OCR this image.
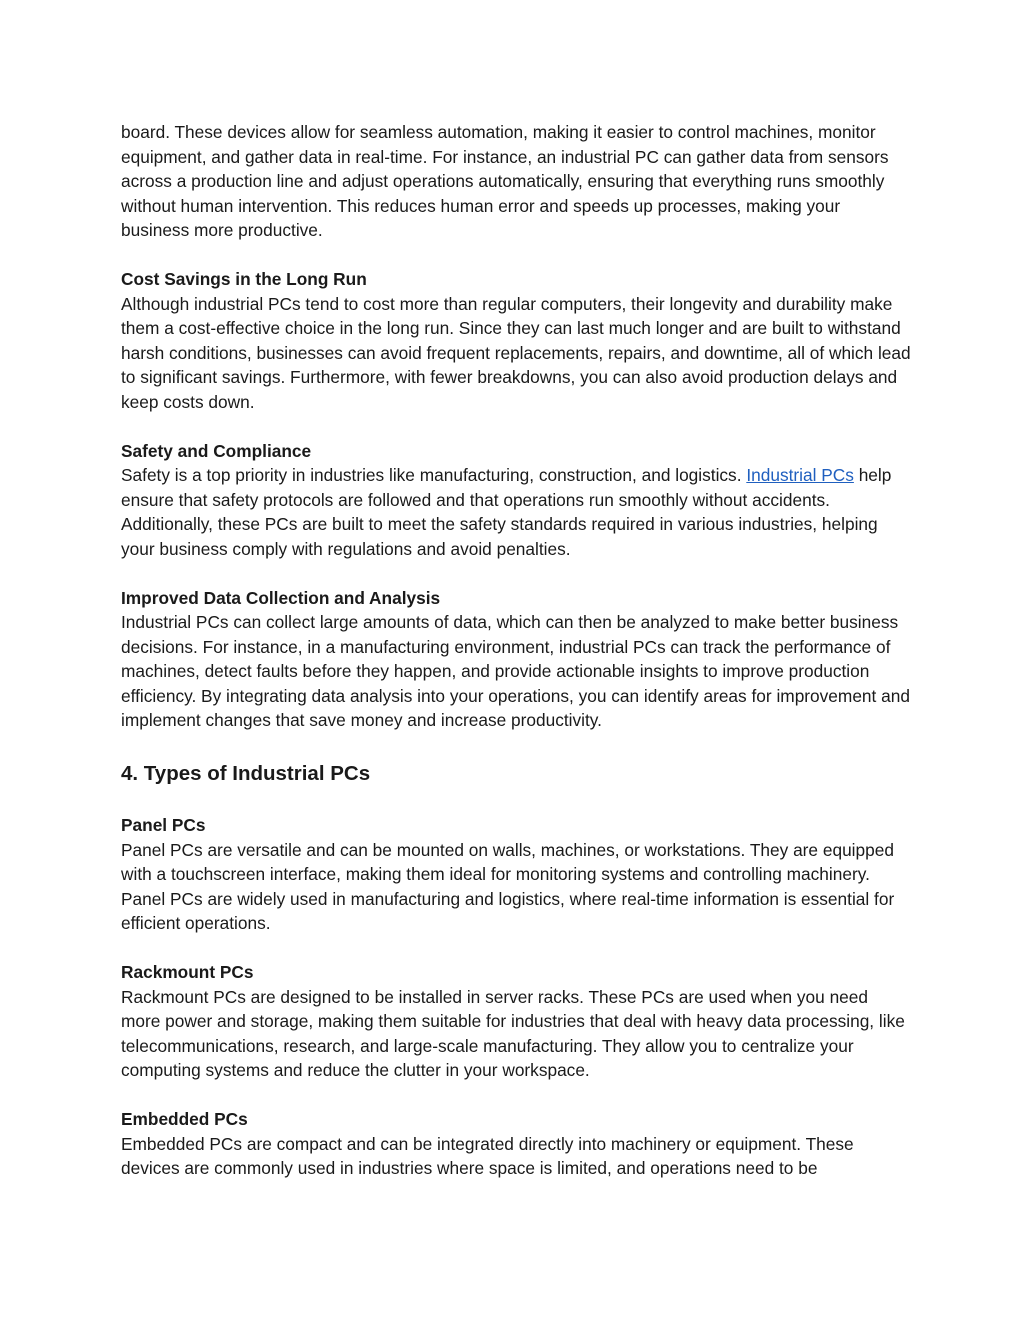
board. These devices allow for seamless automation, making it easier to control machines, monitor equipment, and gather data in real-time. For instance, an industrial PC can gather data from sensors across a production line and adjust operations automatically, ensuring that everything runs smoothly without human intervention. This reduces human error and speeds up processes, making your business more productive.

Cost Savings in the Long Run

Although industrial PCs tend to cost more than regular computers, their longevity and durability make them a cost-effective choice in the long run. Since they can last much longer and are built to withstand harsh conditions, businesses can avoid frequent replacements, repairs, and downtime, all of which lead to significant savings. Furthermore, with fewer breakdowns, you can also avoid production delays and keep costs down.

Safety and Compliance

Safety is a top priority in industries like manufacturing, construction, and logistics. Industrial PCs help ensure that safety protocols are followed and that operations run smoothly without accidents. Additionally, these PCs are built to meet the safety standards required in various industries, helping your business comply with regulations and avoid penalties.

Improved Data Collection and Analysis

Industrial PCs can collect large amounts of data, which can then be analyzed to make better business decisions. For instance, in a manufacturing environment, industrial PCs can track the performance of machines, detect faults before they happen, and provide actionable insights to improve production efficiency. By integrating data analysis into your operations, you can identify areas for improvement and implement changes that save money and increase productivity.

4. Types of Industrial PCs

Panel PCs

Panel PCs are versatile and can be mounted on walls, machines, or workstations. They are equipped with a touchscreen interface, making them ideal for monitoring systems and controlling machinery. Panel PCs are widely used in manufacturing and logistics, where real-time information is essential for efficient operations.

Rackmount PCs

Rackmount PCs are designed to be installed in server racks. These PCs are used when you need more power and storage, making them suitable for industries that deal with heavy data processing, like telecommunications, research, and large-scale manufacturing. They allow you to centralize your computing systems and reduce the clutter in your workspace.

Embedded PCs

Embedded PCs are compact and can be integrated directly into machinery or equipment. These devices are commonly used in industries where space is limited, and operations need to be
